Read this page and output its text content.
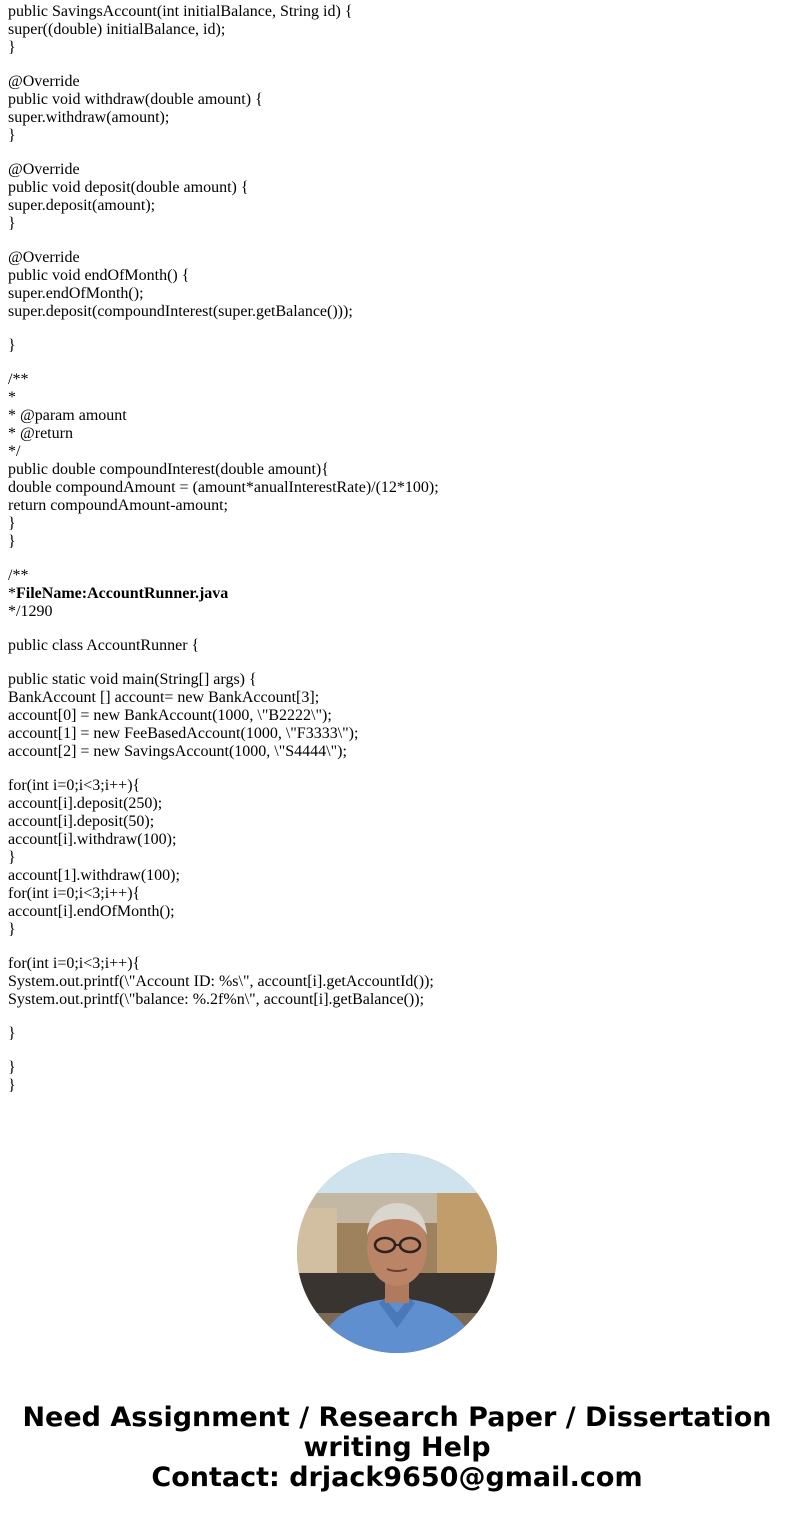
public SavingsAccount(int initialBalance, String id) {
super((double) initialBalance, id);
}
@Override
public void withdraw(double amount) {
super.withdraw(amount);
}
@Override
public void deposit(double amount) {
super.deposit(amount);
}
@Override
public void endOfMonth() {
super.endOfMonth();
super.deposit(compoundInterest(super.getBalance()));
}
/**
*
* @param amount
* @return
*/
public double compoundInterest(double amount){
double compoundAmount = (amount*anualInterestRate)/(12*100);
return compoundAmount-amount;
}
}
/**
*FileName:AccountRunner.java
*/1290
public class AccountRunner {
public static void main(String[] args) {
BankAccount [] account= new BankAccount[3];
account[0] = new BankAccount(1000, \"B2222\");
account[1] = new FeeBasedAccount(1000, \"F3333\");
account[2] = new SavingsAccount(1000, \"S4444\");
for(int i=0;i<3;i++){
account[i].deposit(250);
account[i].deposit(50);
account[i].withdraw(100);
}
account[1].withdraw(100);
for(int i=0;i<3;i++){
account[i].endOfMonth();
}
for(int i=0;i<3;i++){
System.out.printf(\"Account ID: %s\", account[i].getAccountId());
System.out.printf(\"balance: %.2f%n\", account[i].getBalance());
}
}
}
Need Assignment / Research Paper / Dissertation
writing Help
Contact: drjack9650@gmail.com
